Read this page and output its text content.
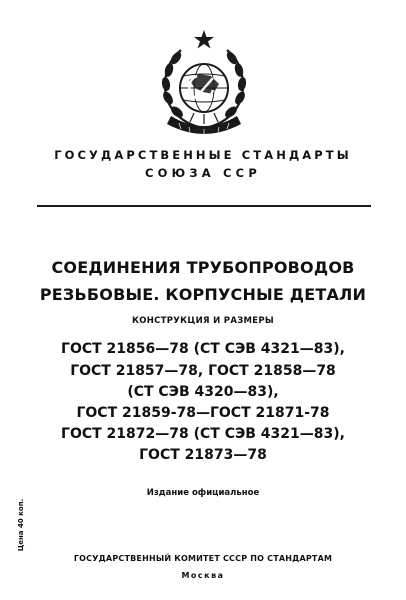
ГОСУДАРСТВЕННЫЕ СТАНДАРТЫ
СОЮЗА ССР
СОЕДИНЕНИЯ ТРУБОПРОВОДОВ
РЕЗЬБОВЫЕ. КОРПУСНЫЕ ДЕТАЛИ
КОНСТРУКЦИЯ И РАЗМЕРЫ
ГОСТ 21856—78 (СТ СЭВ 4321—83),
ГОСТ 21857—78, ГОСТ 21858—78
(СТ СЭВ 4320—83),
ГОСТ 21859-78—ГОСТ 21871-78
ГОСТ 21872—78 (СТ СЭВ 4321—83),
ГОСТ 21873—78
Издание официальное
Цена 40 коп.
ГОСУДАРСТВЕННЫЙ КОМИТЕТ СССР ПО СТАНДАРТАМ
Москва
